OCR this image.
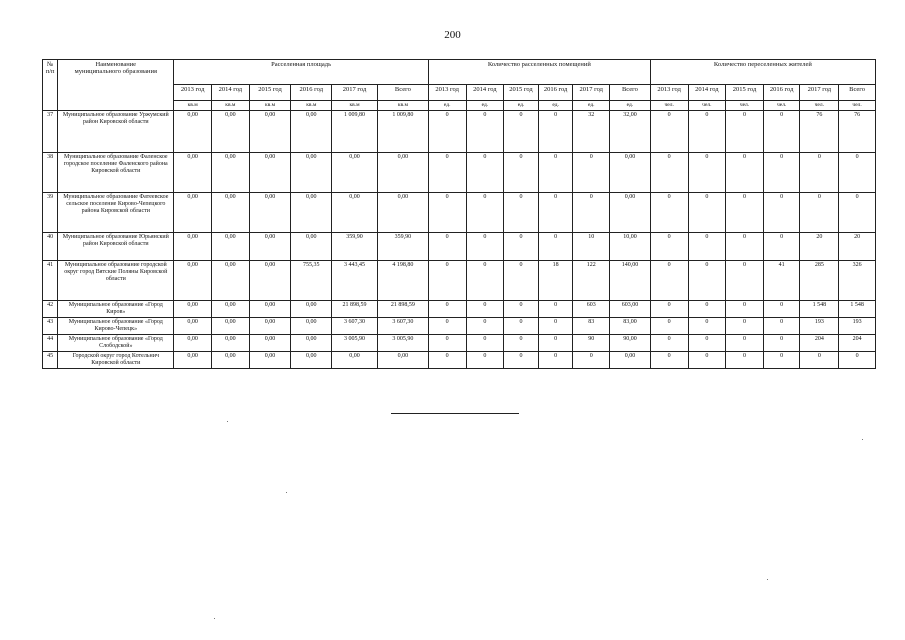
200
№
п/п	Наименование
муниципального образования	Расселенная площадь						Количество расселенных помещений						Количество переселенных жителей					
		2013 год	2014 год	2015 год	2016 год	2017 год	Всего	2013 год	2014 год	2015 год	2016 год	2017 год	Всего	2013 год	2014 год	2015 год	2016 год	2017 год	Всего
		кв.м	кв.м	кв.м	кв.м	кв.м	кв.м	ед.	ед.	ед.	ед.	ед.	ед.	чел.	чел.	чел.	чел.	чел.	чел.
37	Муниципальное образование Уржумский район Кировской области	0,00	0,00	0,00	0,00	1 009,80	1 009,80	0	0	0	0	32	32,00	0	0	0	0	76	76
38	Муниципальное образование Фаленское городское поселение Фаленского района Кировской области	0,00	0,00	0,00	0,00	0,00	0,00	0	0	0	0	0	0,00	0	0	0	0	0	0
39	Муниципальное образование Фатеевское сельское поселение Кирово-Чепецкого района Кировской области	0,00	0,00	0,00	0,00	0,00	0,00	0	0	0	0	0	0,00	0	0	0	0	0	0
40	Муниципальное образование Юрьянский район Кировской области	0,00	0,00	0,00	0,00	359,90	359,90	0	0	0	0	10	10,00	0	0	0	0	20	20
41	Муниципальное образование городской округ город Вятские Поляны Кировской области	0,00	0,00	0,00	755,35	3 443,45	4 198,80	0	0	0	18	122	140,00	0	0	0	41	285	326
42	Муниципальное образование «Город Киров»	0,00	0,00	0,00	0,00	21 898,59	21 898,59	0	0	0	0	603	603,00	0	0	0	0	1 548	1 548
43	Муниципальное образование «Город Кирово-Чепецк»	0,00	0,00	0,00	0,00	3 607,30	3 607,30	0	0	0	0	83	83,00	0	0	0	0	193	193
44	Муниципальное образование «Город Слободской»	0,00	0,00	0,00	0,00	3 005,90	3 005,90	0	0	0	0	90	90,00	0	0	0	0	204	204
45	Городской округ город Котельнич Кировской области	0,00	0,00	0,00	0,00	0,00	0,00	0	0	0	0	0	0,00	0	0	0	0	0	0
